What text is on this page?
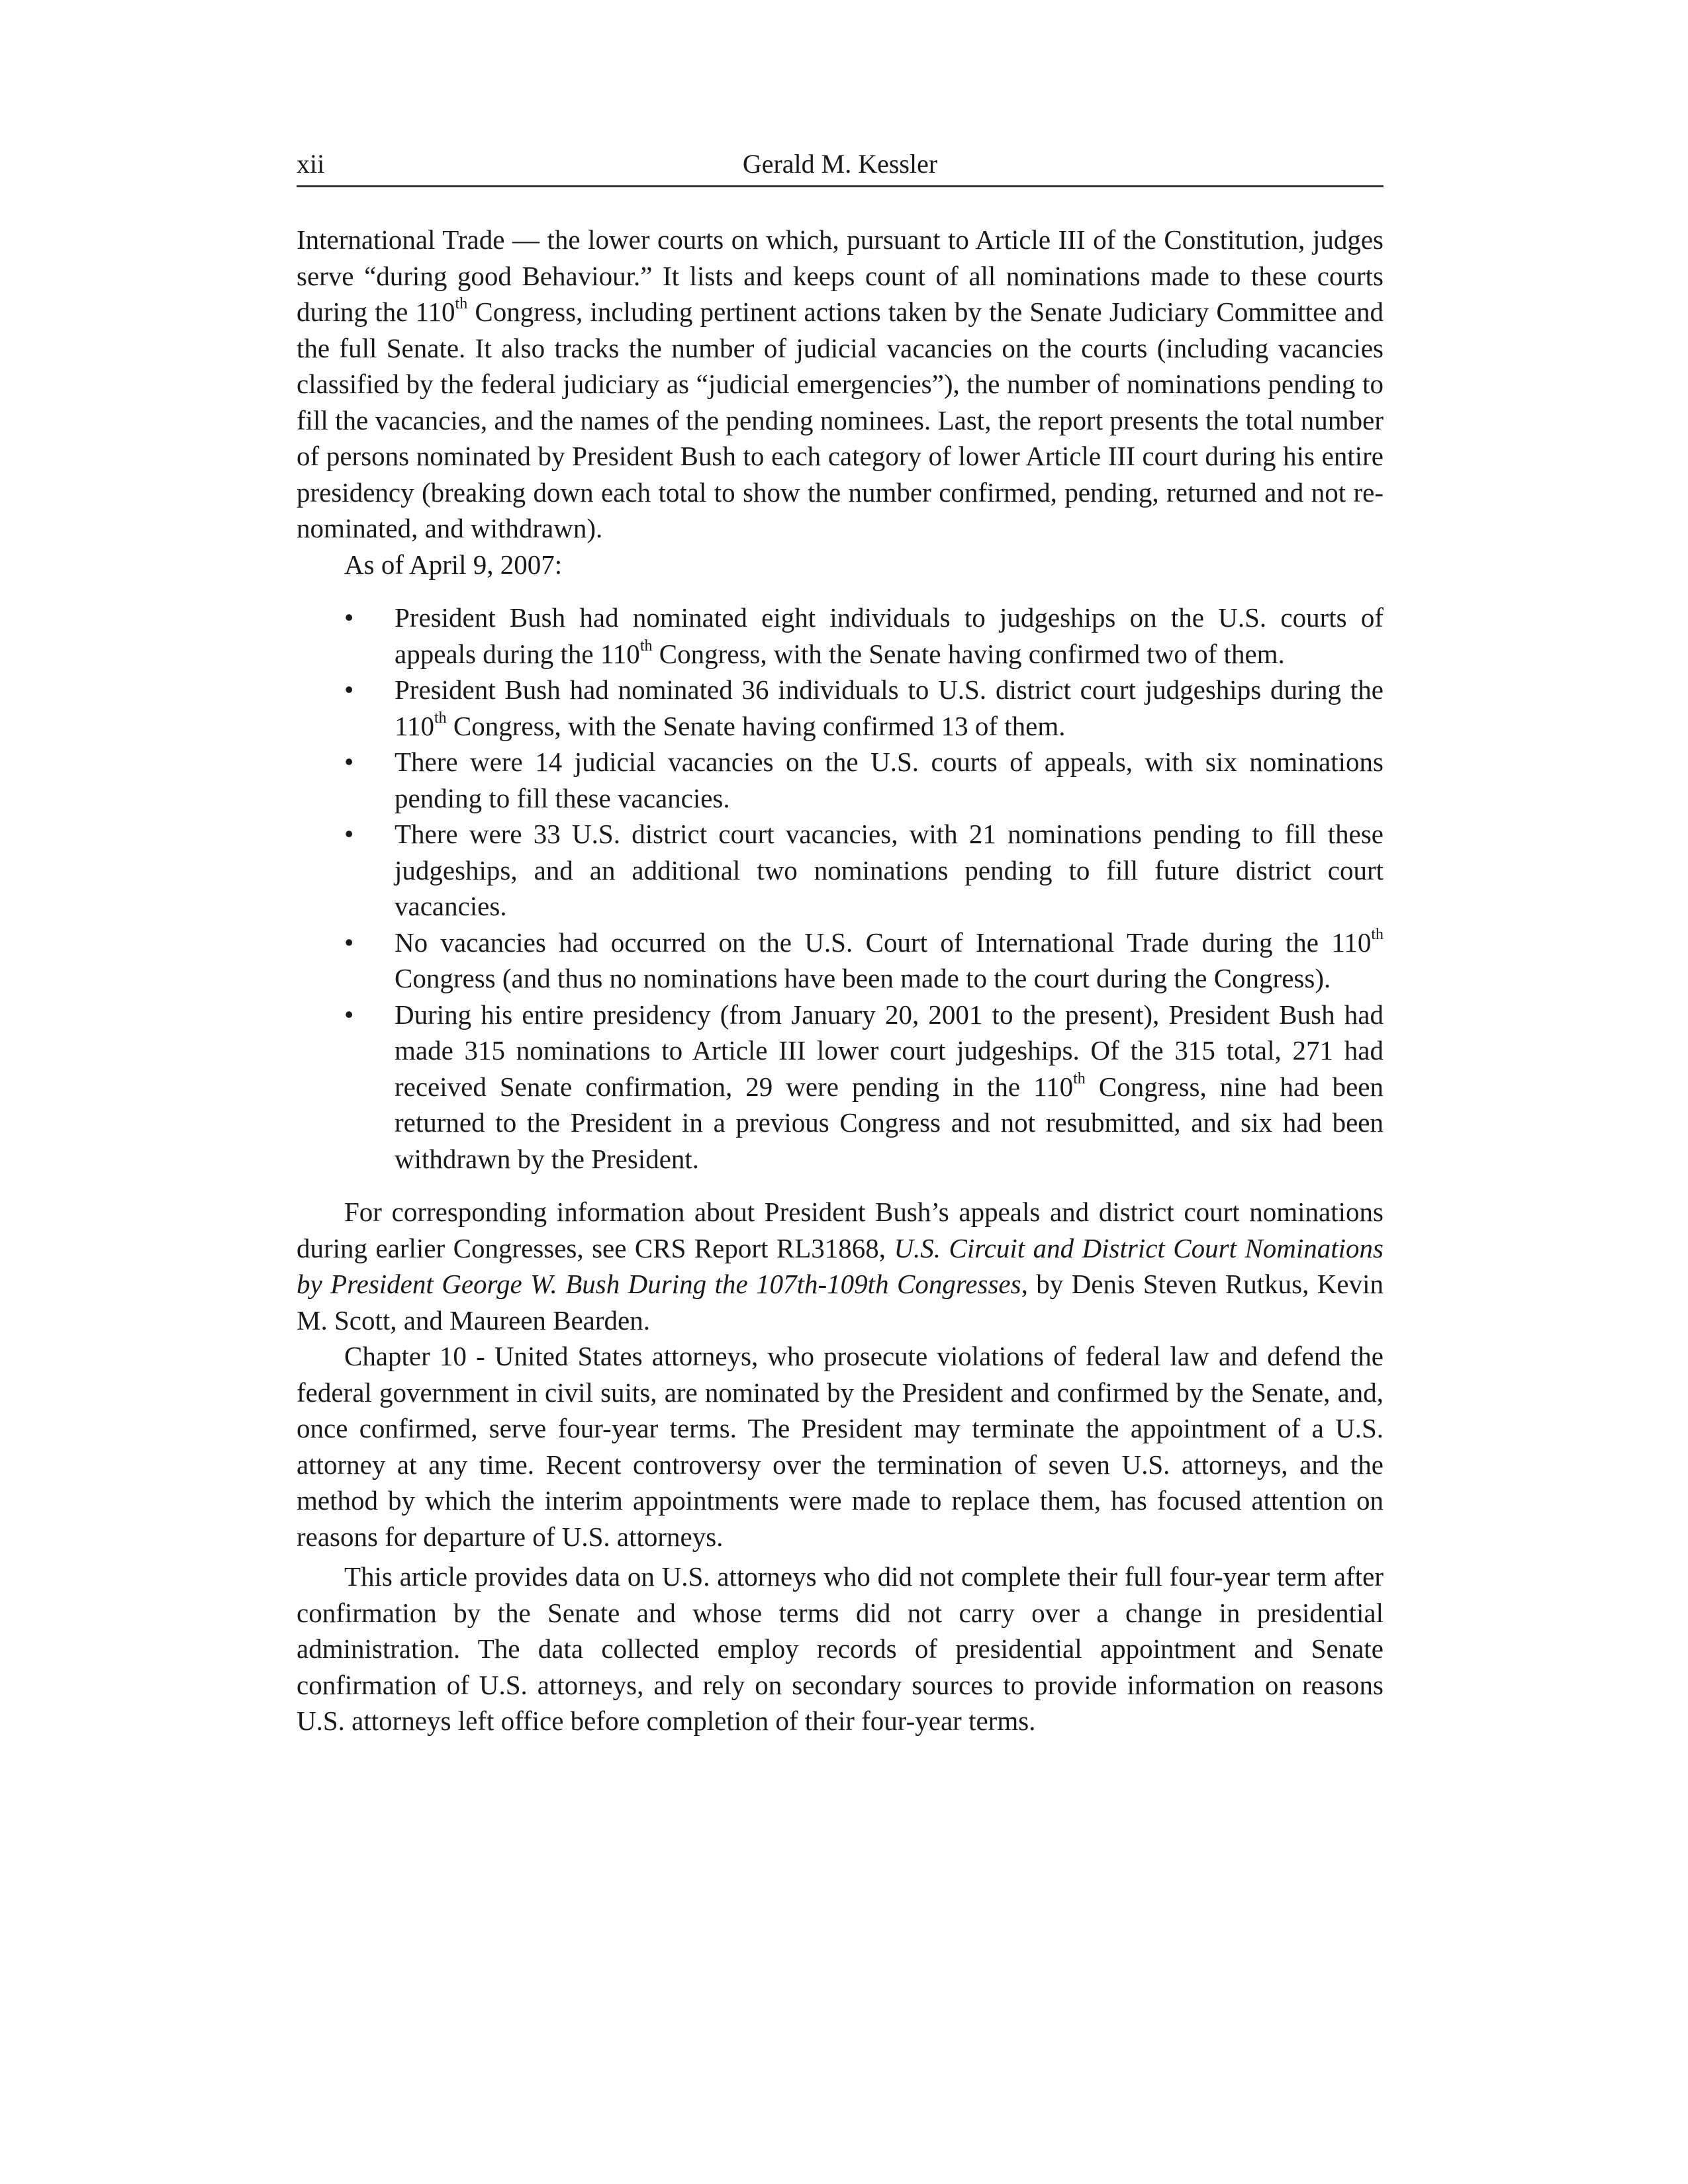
xii	Gerald M. Kessler

International Trade — the lower courts on which, pursuant to Article III of the Constitution, judges serve “during good Behaviour.” It lists and keeps count of all nominations made to these courts during the 110th Congress, including pertinent actions taken by the Senate Judiciary Committee and the full Senate. It also tracks the number of judicial vacancies on the courts (including vacancies classified by the federal judiciary as “judicial emergencies”), the number of nominations pending to fill the vacancies, and the names of the pending nominees. Last, the report presents the total number of persons nominated by President Bush to each category of lower Article III court during his entire presidency (breaking down each total to show the number confirmed, pending, returned and not re-nominated, and withdrawn).

As of April 9, 2007:

• President Bush had nominated eight individuals to judgeships on the U.S. courts of appeals during the 110th Congress, with the Senate having confirmed two of them.
• President Bush had nominated 36 individuals to U.S. district court judgeships during the 110th Congress, with the Senate having confirmed 13 of them.
• There were 14 judicial vacancies on the U.S. courts of appeals, with six nominations pending to fill these vacancies.
• There were 33 U.S. district court vacancies, with 21 nominations pending to fill these judgeships, and an additional two nominations pending to fill future district court vacancies.
• No vacancies had occurred on the U.S. Court of International Trade during the 110th Congress (and thus no nominations have been made to the court during the Congress).
• During his entire presidency (from January 20, 2001 to the present), President Bush had made 315 nominations to Article III lower court judgeships. Of the 315 total, 271 had received Senate confirmation, 29 were pending in the 110th Congress, nine had been returned to the President in a previous Congress and not resubmitted, and six had been withdrawn by the President.

For corresponding information about President Bush’s appeals and district court nominations during earlier Congresses, see CRS Report RL31868, U.S. Circuit and District Court Nominations by President George W. Bush During the 107th-109th Congresses, by Denis Steven Rutkus, Kevin M. Scott, and Maureen Bearden.

Chapter 10 - United States attorneys, who prosecute violations of federal law and defend the federal government in civil suits, are nominated by the President and confirmed by the Senate, and, once confirmed, serve four-year terms. The President may terminate the appointment of a U.S. attorney at any time. Recent controversy over the termination of seven U.S. attorneys, and the method by which the interim appointments were made to replace them, has focused attention on reasons for departure of U.S. attorneys.

This article provides data on U.S. attorneys who did not complete their full four-year term after confirmation by the Senate and whose terms did not carry over a change in presidential administration. The data collected employ records of presidential appointment and Senate confirmation of U.S. attorneys, and rely on secondary sources to provide information on reasons U.S. attorneys left office before completion of their four-year terms.
